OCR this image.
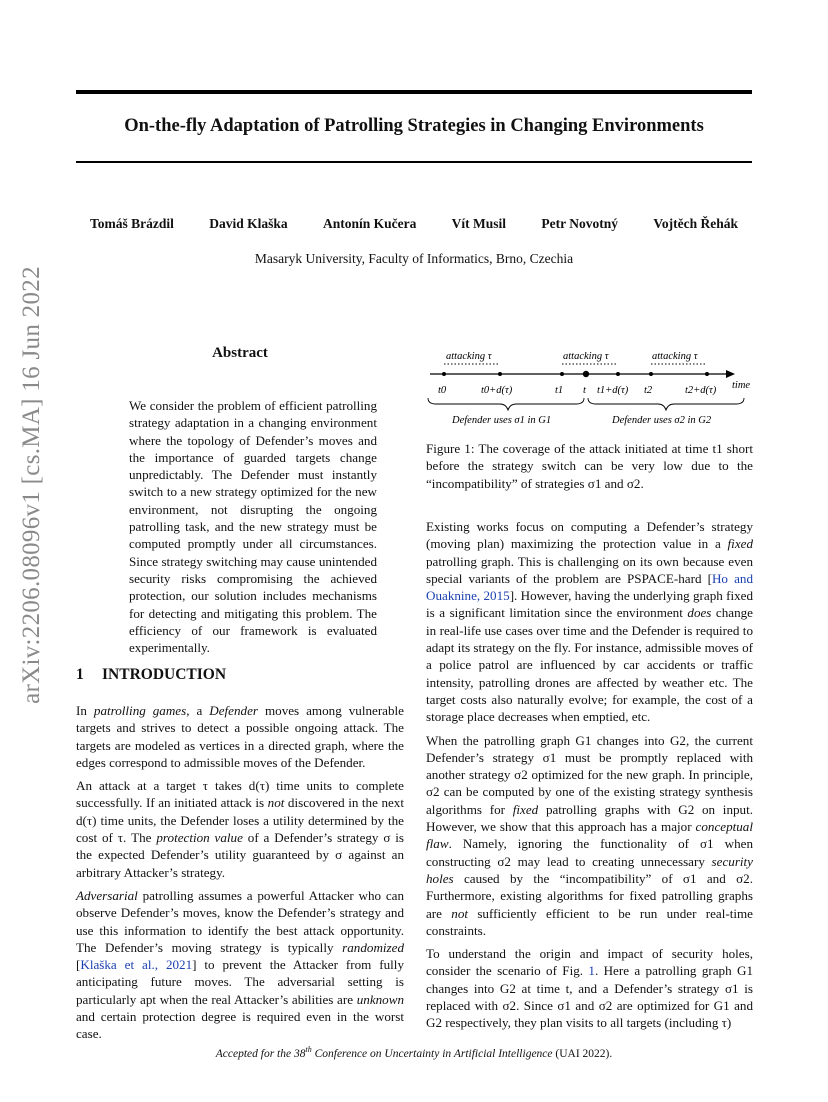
On-the-fly Adaptation of Patrolling Strategies in Changing Environments
Tomáš Brázdil	David Klaška	Antonín Kučera	Vít Musil	Petr Novotný	Vojtěch Řehák
Masaryk University, Faculty of Informatics, Brno, Czechia
arXiv:2206.08096v1 [cs.MA] 16 Jun 2022	Abstract
We consider the problem of efficient patrolling strategy adaptation in a changing environment where the topology of Defender’s moves and the importance of guarded targets change unpredictably. The Defender must instantly switch to a new strategy optimized for the new environment, not disrupting the ongoing patrolling task, and the new strategy must be computed promptly under all circumstances. Since strategy switching may cause unintended security risks compromising the achieved protection, our solution includes mechanisms for detecting and mitigating this problem. The efficiency of our framework is evaluated experimentally.
1 INTRODUCTION

In patrolling games, a Defender moves among vulnerable targets and strives to detect a possible ongoing attack. The targets are modeled as vertices in a directed graph, where the edges correspond to admissible moves of the Defender.

An attack at a target τ takes d(τ) time units to complete successfully. If an initiated attack is not discovered in the next d(τ) time units, the Defender loses a utility determined by the cost of τ. The protection value of a Defender’s strategy σ is the expected Defender’s utility guaranteed by σ against an arbitrary Attacker’s strategy.

Adversarial patrolling assumes a powerful Attacker who can observe Defender’s moves, know the Defender’s strategy and use this information to identify the best attack opportunity. The Defender’s moving strategy is typically randomized [Klaška et al., 2021] to prevent the Attacker from fully anticipating future moves. The adversarial setting is particularly apt when the real Attacker’s abilities are unknown and certain protection degree is required even in the worst case.

attacking τ	attacking τ	attacking τ
time
t0	t0+d(τ)	t1 t t1+d(τ) t2	t2+d(τ)
Defender uses σ1 in G1	Defender uses σ2 in G2
Figure 1: The coverage of the attack initiated at time t1 short before the strategy switch can be very low due to the “incompatibility” of strategies σ1 and σ2.

Existing works focus on computing a Defender’s strategy (moving plan) maximizing the protection value in a fixed patrolling graph. This is challenging on its own because even special variants of the problem are PSPACE-hard [Ho and Ouaknine, 2015]. However, having the underlying graph fixed is a significant limitation since the environment does change in real-life use cases over time and the Defender is required to adapt its strategy on the fly. For instance, admissible moves of a police patrol are influenced by car accidents or traffic intensity, patrolling drones are affected by weather etc. The target costs also naturally evolve; for example, the cost of a storage place decreases when emptied, etc.

When the patrolling graph G1 changes into G2, the current Defender’s strategy σ1 must be promptly replaced with another strategy σ2 optimized for the new graph. In principle, σ2 can be computed by one of the existing strategy synthesis algorithms for fixed patrolling graphs with G2 on input. However, we show that this approach has a major conceptual flaw. Namely, ignoring the functionality of σ1 when constructing σ2 may lead to creating unnecessary security holes caused by the “incompatibility” of σ1 and σ2. Furthermore, existing algorithms for fixed patrolling graphs are not sufficiently efficient to be run under real-time constraints.

To understand the origin and impact of security holes, consider the scenario of Fig. 1. Here a patrolling graph G1 changes into G2 at time t, and a Defender’s strategy σ1 is replaced with σ2. Since σ1 and σ2 are optimized for G1 and G2 respectively, they plan visits to all targets (including τ)

Accepted for the 38th Conference on Uncertainty in Artificial Intelligence (UAI 2022).
